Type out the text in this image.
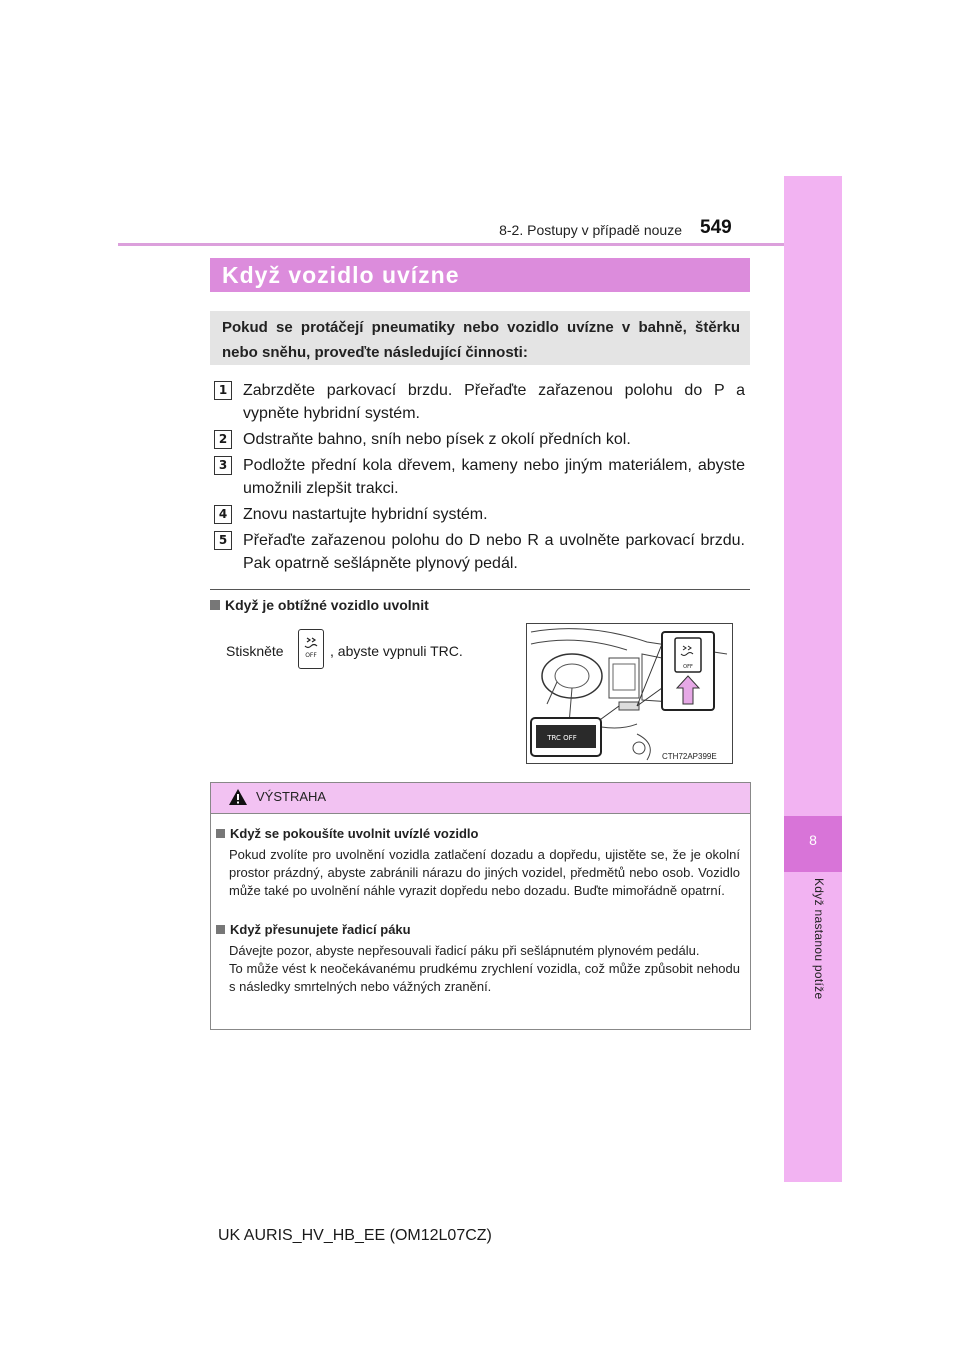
8
Když nastanou potíže
8-2. Postupy v případě nouze 549
Když vozidlo uvízne
Pokud se protáčejí pneumatiky nebo vozidlo uvízne v bahně, štěrku nebo sněhu, proveďte následující činnosti:
1 Zabrzděte parkovací brzdu. Přeřaďte zařazenou polohu do P a vypněte hybridní systém.
2 Odstraňte bahno, sníh nebo písek z okolí předních kol.
3 Podložte přední kola dřevem, kameny nebo jiným materiálem, abyste umožnili zlepšit trakci.
4 Znovu nastartujte hybridní systém.
5 Přeřaďte zařazenou polohu do D nebo R a uvolněte parkovací brzdu. Pak opatrně sešlápněte plynový pedál.
Když je obtížné vozidlo uvolnit
Stiskněte	OFF , abyste vypnuli TRC.
TRC OFF
OFF
CTH72AP399E
VÝSTRAHA
Když se pokoušíte uvolnit uvízlé vozidlo
Pokud zvolíte pro uvolnění vozidla zatlačení dozadu a dopředu, ujistěte se, že je okolní prostor prázdný, abyste zabránili nárazu do jiných vozidel, předmětů nebo osob. Vozidlo může také po uvolnění náhle vyrazit dopředu nebo dozadu. Buďte mimořádně opatrní.
Když přesunujete řadicí páku
Dávejte pozor, abyste nepřesouvali řadicí páku při sešlápnutém plynovém pedálu.
To může vést k neočekávanému prudkému zrychlení vozidla, což může způsobit nehodu s následky smrtelných nebo vážných zranění.
UK AURIS_HV_HB_EE (OM12L07CZ)
